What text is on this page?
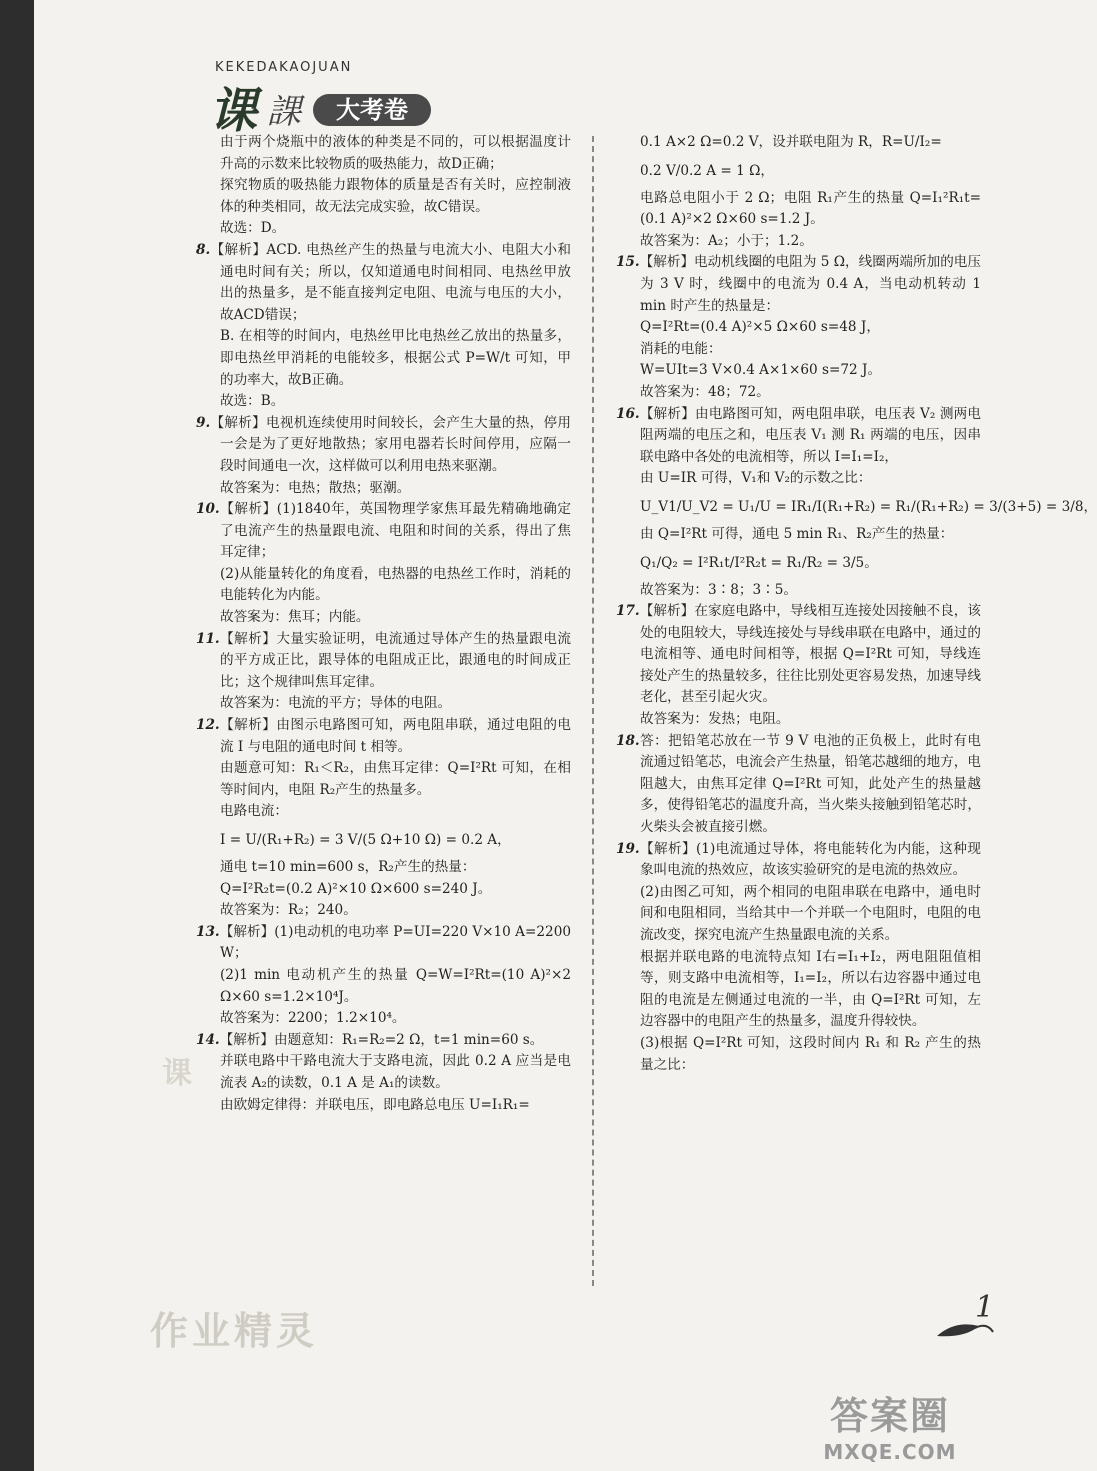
KEKEDAKAOJUAN
课 課	大考卷
由于两个烧瓶中的液体的种类是不同的，可以根据温度计升高的示数来比较物质的吸热能力，故D正确；
探究物质的吸热能力跟物体的质量是否有关时，应控制液体的种类相同，故无法完成实验，故C错误。
故选：D。
8.【解析】ACD. 电热丝产生的热量与电流大小、电阻大小和通电时间有关；所以，仅知道通电时间相同、电热丝甲放出的热量多，是不能直接判定电阻、电流与电压的大小，故ACD错误；
B. 在相等的时间内，电热丝甲比电热丝乙放出的热量多，即电热丝甲消耗的电能较多，根据公式 P=W/t 可知，甲的功率大，故B正确。
故选：B。
9.【解析】电视机连续使用时间较长，会产生大量的热，停用一会是为了更好地散热；家用电器若长时间停用，应隔一段时间通电一次，这样做可以利用电热来驱潮。
故答案为：电热；散热；驱潮。
10.【解析】(1)1840年，英国物理学家焦耳最先精确地确定了电流产生的热量跟电流、电阻和时间的关系，得出了焦耳定律；
(2)从能量转化的角度看，电热器的电热丝工作时，消耗的电能转化为内能。
故答案为：焦耳；内能。
11.【解析】大量实验证明，电流通过导体产生的热量跟电流的平方成正比，跟导体的电阻成正比，跟通电的时间成正比；这个规律叫焦耳定律。
故答案为：电流的平方；导体的电阻。
12.【解析】由图示电路图可知，两电阻串联，通过电阻的电流 I 与电阻的通电时间 t 相等。
由题意可知：R₁＜R₂，由焦耳定律：Q=I²Rt 可知，在相等时间内，电阻 R₂产生的热量多。
电路电流：
I = U/(R₁+R₂) = 3 V/(5 Ω+10 Ω) = 0.2 A，
通电 t=10 min=600 s，R₂产生的热量：
Q=I²R₂t=(0.2 A)²×10 Ω×600 s=240 J。
故答案为：R₂；240。
13.【解析】(1)电动机的电功率 P=UI=220 V×10 A=2200 W；
(2)1 min 电动机产生的热量 Q=W=I²Rt=(10 A)²×2 Ω×60 s=1.2×10⁴J。
故答案为：2200；1.2×10⁴。
14.【解析】由题意知：R₁=R₂=2 Ω，t=1 min=60 s。
并联电路中干路电流大于支路电流，因此 0.2 A 应当是电流表 A₂的读数，0.1 A 是 A₁的读数。
由欧姆定律得：并联电压，即电路总电压 U=I₁R₁=
0.1 A×2 Ω=0.2 V，设并联电阻为 R，R=U/I₂=
0.2 V/0.2 A = 1 Ω，
电路总电阻小于 2 Ω；电阻 R₁产生的热量 Q=I₁²R₁t=(0.1 A)²×2 Ω×60 s=1.2 J。
故答案为：A₂；小于；1.2。
15.【解析】电动机线圈的电阻为 5 Ω，线圈两端所加的电压为 3 V 时，线圈中的电流为 0.4 A，当电动机转动 1 min 时产生的热量是：
Q=I²Rt=(0.4 A)²×5 Ω×60 s=48 J，
消耗的电能：
W=UIt=3 V×0.4 A×1×60 s=72 J。
故答案为：48；72。
16.【解析】由电路图可知，两电阻串联，电压表 V₂ 测两电阻两端的电压之和，电压表 V₁ 测 R₁ 两端的电压，因串联电路中各处的电流相等，所以 I=I₁=I₂，
由 U=IR 可得，V₁和 V₂的示数之比：
U_V1/U_V2 = U₁/U = IR₁/I(R₁+R₂) = R₁/(R₁+R₂) = 3/(3+5) = 3/8，
由 Q=I²Rt 可得，通电 5 min R₁、R₂产生的热量：
Q₁/Q₂ = I²R₁t/I²R₂t = R₁/R₂ = 3/5。
故答案为：3∶8；3∶5。
17.【解析】在家庭电路中，导线相互连接处因接触不良，该处的电阻较大，导线连接处与导线串联在电路中，通过的电流相等、通电时间相等，根据 Q=I²Rt 可知，导线连接处产生的热量较多，往往比别处更容易发热，加速导线老化，甚至引起火灾。
故答案为：发热；电阻。
18.答：把铅笔芯放在一节 9 V 电池的正负极上，此时有电流通过铅笔芯，电流会产生热量，铅笔芯越细的地方，电阻越大，由焦耳定律 Q=I²Rt 可知，此处产生的热量越多，使得铅笔芯的温度升高，当火柴头接触到铅笔芯时，火柴头会被直接引燃。
19.【解析】(1)电流通过导体，将电能转化为内能，这种现象叫电流的热效应，故该实验研究的是电流的热效应。
(2)由图乙可知，两个相同的电阻串联在电路中，通电时间和电阻相同，当给其中一个并联一个电阻时，电阻的电流改变，探究电流产生热量跟电流的关系。
根据并联电路的电流特点知 I右=I₁+I₂，两电阻阻值相等，则支路中电流相等，I₁=I₂，所以右边容器中通过电阻的电流是左侧通过电流的一半，由 Q=I²Rt 可知，左边容器中的电阻产生的热量多，温度升得较快。
(3)根据 Q=I²Rt 可知，这段时间内 R₁ 和 R₂ 产生的热量之比：
课
1
作业精灵
答案圈
MXQE.COM
